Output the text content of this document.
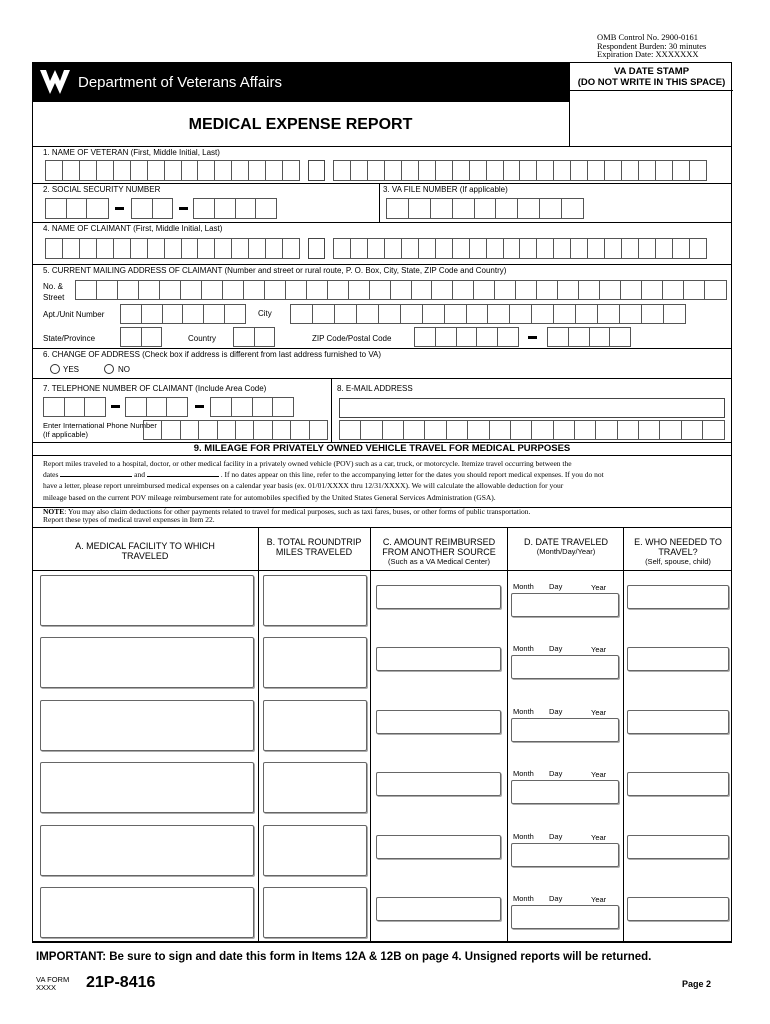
OMB Control No. 2900-0161
Respondent Burden: 30 minutes
Expiration Date: XXXXXXX
Department of Veterans Affairs
VA DATE STAMP
(DO NOT WRITE IN THIS SPACE)
MEDICAL EXPENSE REPORT
1. NAME OF VETERAN (First, Middle Initial, Last)
2. SOCIAL SECURITY NUMBER	3. VA FILE NUMBER (If applicable)
4. NAME OF CLAIMANT (First, Middle Initial, Last)
5. CURRENT MAILING ADDRESS OF CLAIMANT (Number and street or rural route, P. O. Box, City, State, ZIP Code and Country)
No. &
Street
Apt./Unit Number	City
State/Province	Country	ZIP Code/Postal Code
6. CHANGE OF ADDRESS (Check box if address is different from last address furnished to VA)
YES	NO
7. TELEPHONE NUMBER OF CLAIMANT (Include Area Code)	8. E-MAIL ADDRESS
Enter International Phone Number
(If applicable)
9. MILEAGE FOR PRIVATELY OWNED VEHICLE TRAVEL FOR MEDICAL PURPOSES
Report miles traveled to a hospital, doctor, or other medical facility in a privately owned vehicle (POV) such as a car, truck, or motorcycle. Itemize travel occurring between the
dates	and	. If no dates appear on this line, refer to the accompanying letter for the dates you should report medical expenses. If you do not
have a letter, please report unreimbursed medical expenses on a calendar year basis (ex. 01/01/XXXX thru 12/31/XXXX). We will calculate the allowable deduction for your
mileage based on the current POV mileage reimbursement rate for automobiles specified by the United States General Services Administration (GSA).
NOTE: You may also claim deductions for other payments related to travel for medical purposes, such as taxi fares, buses, or other forms of public transportation.
Report these types of medical travel expenses in Item 22.
A. MEDICAL FACILITY TO WHICH TRAVELED
B. TOTAL ROUNDTRIP MILES TRAVELED
C. AMOUNT REIMBURSED FROM ANOTHER SOURCE
(Such as a VA Medical Center)
D. DATE TRAVELED
(Month/Day/Year)
E. WHO NEEDED TO TRAVEL?
(Self, spouse, child)
Month Day	Year
Month Day	Year
Month Day	Year
Month Day	Year
Month Day	Year
Month Day	Year
IMPORTANT: Be sure to sign and date this form in Items 12A & 12B on page 4. Unsigned reports will be returned.
VA FORM
XXXX	21P-8416	Page 2
